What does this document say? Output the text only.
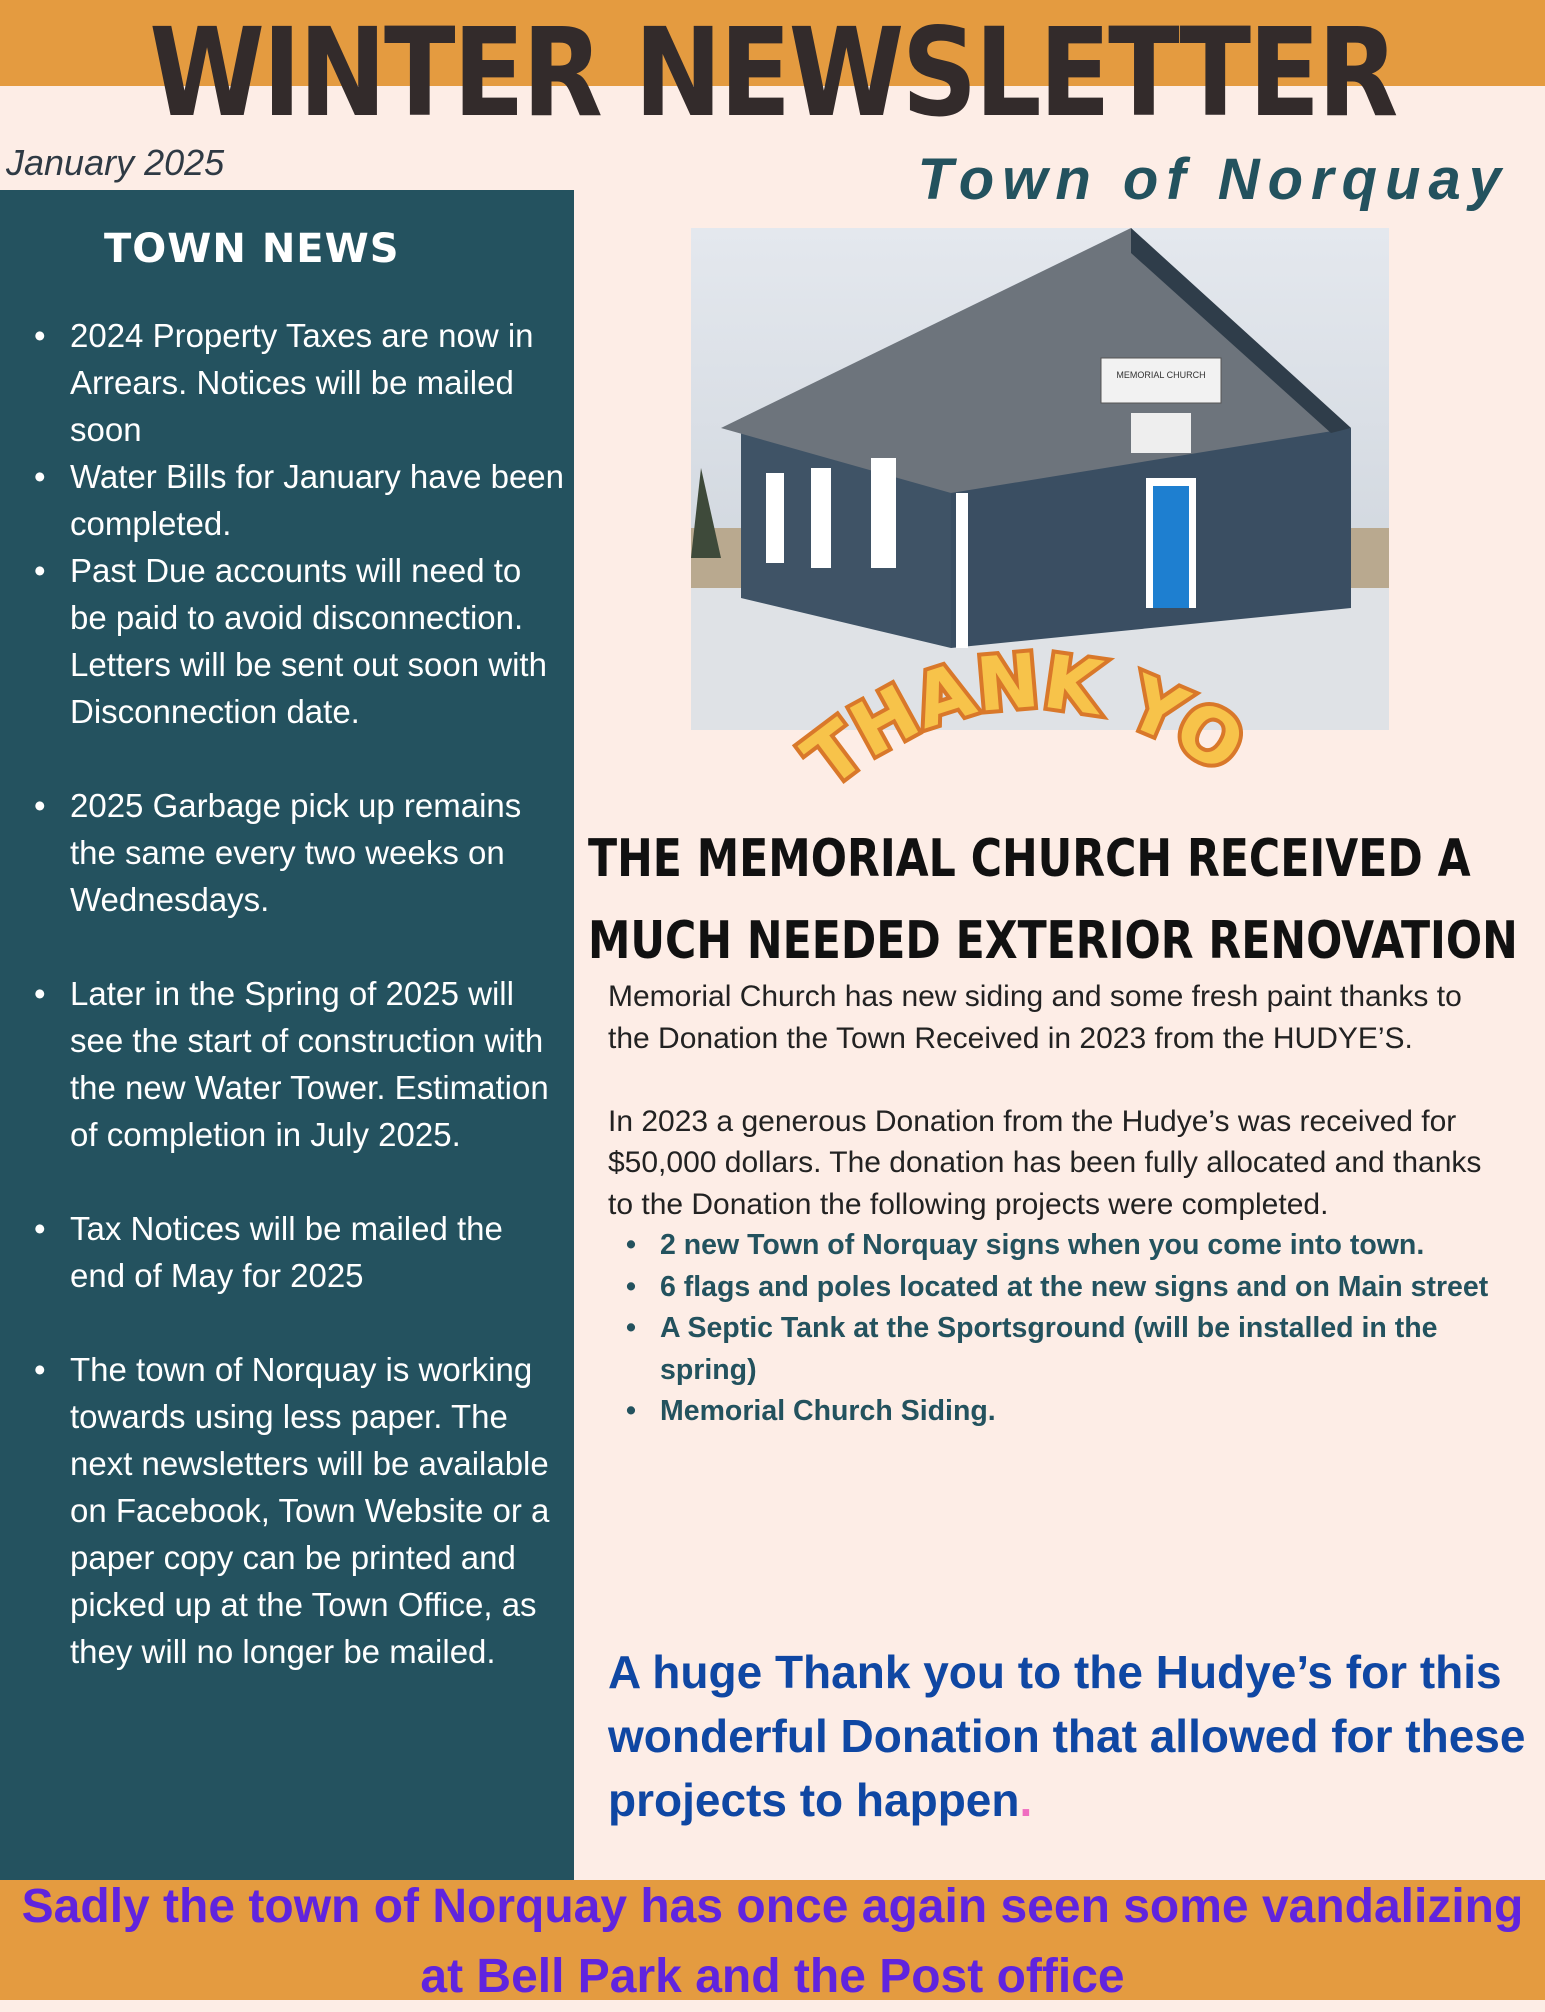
WINTER NEWSLETTER
January 2025	Town of Norquay
TOWN NEWS
• 2024 Property Taxes are now in Arrears. Notices will be mailed soon
• Water Bills for January have been completed.
• Past Due accounts will need to be paid to avoid disconnection. Letters will be sent out soon with Disconnection date.
• 2025 Garbage pick up remains the same every two weeks on Wednesdays.
• Later in the Spring of 2025 will see the start of construction with the new Water Tower. Estimation of completion in July 2025.
• Tax Notices will be mailed the end of May for 2025
• The town of Norquay is working towards using less paper. The next newsletters will be available on Facebook, Town Website or a paper copy can be printed and picked up at the Town Office, as they will no longer be mailed.
MEMORIAL CHURCH
THANK YO
THE MEMORIAL CHURCH RECEIVED A
MUCH NEEDED EXTERIOR RENOVATION

Memorial Church has new siding and some fresh paint thanks to the Donation the Town Received in 2023 from the HUDYE’S.

In 2023 a generous Donation from the Hudye’s was received for $50,000 dollars. The donation has been fully allocated and thanks to the Donation the following projects were completed.

• 2 new Town of Norquay signs when you come into town.
• 6 flags and poles located at the new signs and on Main street
• A Septic Tank at the Sportsground (will be installed in the spring)
• Memorial Church Siding.
A huge Thank you to the Hudye’s for this wonderful Donation that allowed for these projects to happen.
Sadly the town of Norquay has once again seen some vandalizing at Bell Park and the Post office
